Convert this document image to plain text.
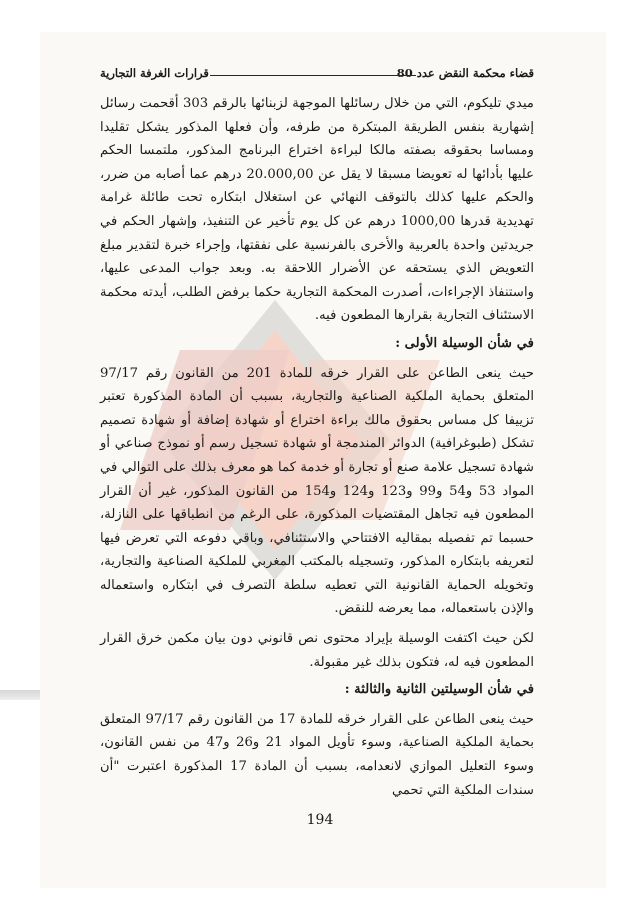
قضاء محكمة النقض عدد 80
قرارات الغرفة التجارية

ميدي تليكوم، التي من خلال رسائلها الموجهة لزبنائها بالرقم 303 أقحمت رسائل إشهارية بنفس الطريقة المبتكرة من طرفه، وأن فعلها المذكور يشكل تقليدا ومساسا بحقوقه بصفته مالكا لبراءة اختراع البرنامج المذكور، ملتمسا الحكم عليها بأدائها له تعويضا مسبقا لا يقل عن 20.000,00 درهم عما أصابه من ضرر، والحكم عليها كذلك بالتوقف النهائي عن استغلال ابتكاره تحت طائلة غرامة تهديدية قدرها 1000,00 درهم عن كل يوم تأخير عن التنفيذ، وإشهار الحكم في جريدتين واحدة بالعربية والأخرى بالفرنسية على نفقتها، وإجراء خبرة لتقدير مبلغ التعويض الذي يستحقه عن الأضرار اللاحقة به. وبعد جواب المدعى عليها، واستنفاذ الإجراءات، أصدرت المحكمة التجارية حكما برفض الطلب، أيدته محكمة الاستئناف التجارية بقرارها المطعون فيه.

في شأن الوسيلة الأولى :

حيث ينعى الطاعن على القرار خرقه للمادة 201 من القانون رقم 97/17 المتعلق بحماية الملكية الصناعية والتجارية، بسبب أن المادة المذكورة تعتبر تزييفا كل مساس بحقوق مالك براءة اختراع أو شهادة إضافة أو شهادة تصميم تشكل (طبوغرافية) الدوائر المندمجة أو شهادة تسجيل رسم أو نموذج صناعي أو شهادة تسجيل علامة صنع أو تجارة أو خدمة كما هو معرف بذلك على التوالي في المواد 53 و54 و99 و123 و124 و154 من القانون المذكور، غير أن القرار المطعون فيه تجاهل المقتضيات المذكورة، على الرغم من انطباقها على النازلة، حسبما تم تفصيله بمقاليه الافتتاحي والاستئنافي، وباقي دفوعه التي تعرض فيها لتعريفه بابتكاره المذكور، وتسجيله بالمكتب المغربي للملكية الصناعية والتجارية، وتخويله الحماية القانونية التي تعطيه سلطة التصرف في ابتكاره واستعماله والإذن باستعماله، مما يعرضه للنقض.

لكن حيث اكتفت الوسيلة بإيراد محتوى نص قانوني دون بيان مكمن خرق القرار المطعون فيه له، فتكون بذلك غير مقبولة.

في شأن الوسيلتين الثانية والثالثة :

حيث ينعى الطاعن على القرار خرقه للمادة 17 من القانون رقم 97/17 المتعلق بحماية الملكية الصناعية، وسوء تأويل المواد 21 و26 و47 من نفس القانون، وسوء التعليل الموازي لانعدامه، بسبب أن المادة 17 المذكورة اعتبرت "أن سندات الملكية التي تحمي

194
